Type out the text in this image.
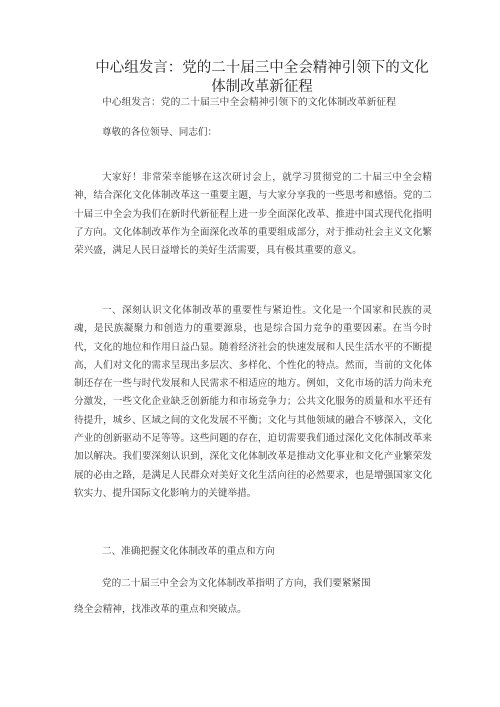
中心组发言：党的二十届三中全会精神引领下的文化体制改革新征程
中心组发言：党的二十届三中全会精神引领下的文化体制改革新征程
尊敬的各位领导、同志们：

大家好！非常荣幸能够在这次研讨会上，就学习贯彻党的二十届三中全会精神，结合深化文化体制改革这一重要主题，与大家分享我的一些思考和感悟。党的二十届三中全会为我们在新时代新征程上进一步全面深化改革、推进中国式现代化指明了方向。文化体制改革作为全面深化改革的重要组成部分，对于推动社会主义文化繁荣兴盛，满足人民日益增长的美好生活需要，具有极其重要的意义。

一、深刻认识文化体制改革的重要性与紧迫性。文化是一个国家和民族的灵魂，是民族凝聚力和创造力的重要源泉，也是综合国力竞争的重要因素。在当今时代，文化的地位和作用日益凸显。随着经济社会的快速发展和人民生活水平的不断提高，人们对文化的需求呈现出多层次、多样化、个性化的特点。然而，当前的文化体制还存在一些与时代发展和人民需求不相适应的地方。例如，文化市场的活力尚未充分激发，一些文化企业缺乏创新能力和市场竞争力；公共文化服务的质量和水平还有待提升，城乡、区域之间的文化发展不平衡；文化与其他领域的融合不够深入，文化产业的创新驱动不足等等。这些问题的存在，迫切需要我们通过深化文化体制改革来加以解决。我们要深刻认识到，深化文化体制改革是推动文化事业和文化产业繁荣发展的必由之路，是满足人民群众对美好文化生活向往的必然要求，也是增强国家文化软实力、提升国际文化影响力的关键举措。

二、准确把握文化体制改革的重点和方向
党的二十届三中全会为文化体制改革指明了方向，我们要紧紧围
绕全会精神，找准改革的重点和突破点。
